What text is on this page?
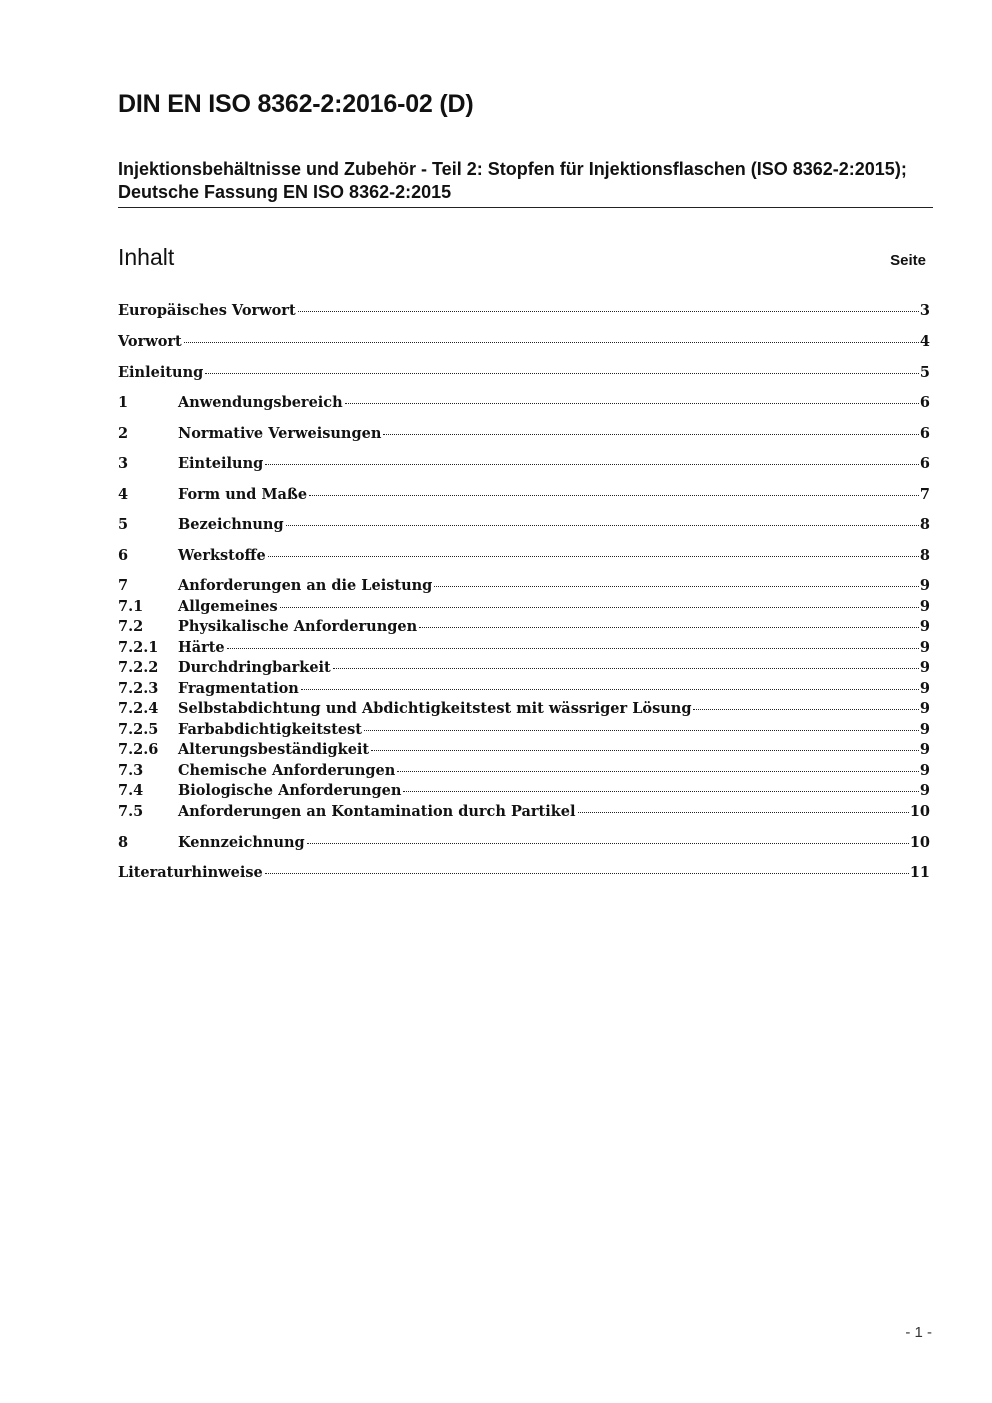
DIN EN ISO 8362-2:2016-02 (D)
Injektionsbehältnisse und Zubehör - Teil 2: Stopfen für Injektionsflaschen (ISO 8362-2:2015); Deutsche Fassung EN ISO 8362-2:2015
Inhalt	Seite
Europäisches Vorwort	3
Vorwort	4
Einleitung	5
1	Anwendungsbereich	6
2	Normative Verweisungen	6
3	Einteilung	6
4	Form und Maße	7
5	Bezeichnung	8
6	Werkstoffe	8
7	Anforderungen an die Leistung	9
7.1	Allgemeines	9
7.2	Physikalische Anforderungen	9
7.2.1	Härte	9
7.2.2	Durchdringbarkeit	9
7.2.3	Fragmentation	9
7.2.4	Selbstabdichtung und Abdichtigkeitstest mit wässriger Lösung	9
7.2.5	Farbabdichtigkeitstest	9
7.2.6	Alterungsbeständigkeit	9
7.3	Chemische Anforderungen	9
7.4	Biologische Anforderungen	9
7.5	Anforderungen an Kontamination durch Partikel	10
8	Kennzeichnung	10
Literaturhinweise	11
- 1 -
